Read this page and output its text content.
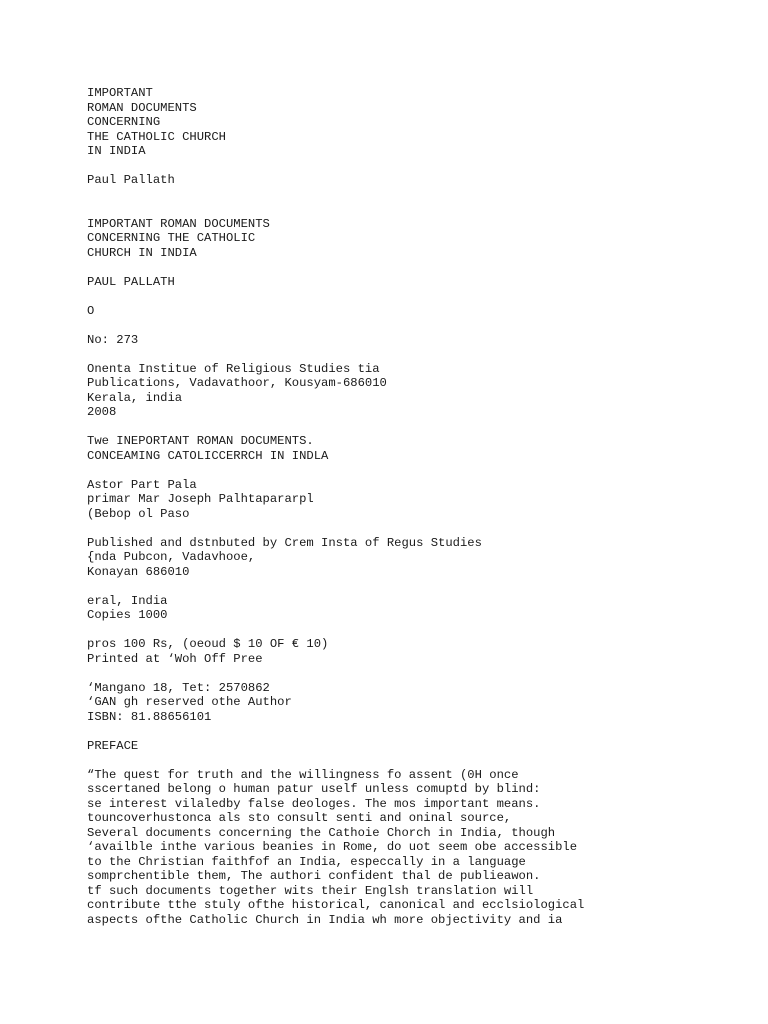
IMPORTANT
ROMAN DOCUMENTS
CONCERNING
THE CATHOLIC CHURCH
IN INDIA
Paul Pallath
IMPORTANT ROMAN DOCUMENTS
CONCERNING THE CATHOLIC
CHURCH IN INDIA
PAUL PALLATH
O
No: 273
Onenta Institue of Religious Studies tia
Publications, Vadavathoor, Kousyam-686010
Kerala, india
2008
Twe INEPORTANT ROMAN DOCUMENTS.
CONCEAMING CATOLICCERRCH IN INDLA
Astor Part Pala
primar Mar Joseph Palhtapararpl
(Bebop ol Paso
Published and dstnbuted by Crem Insta of Regus Studies
{nda Pubcon, Vadavhooe,
Konayan 686010
eral, India
Copies 1000
pros 100 Rs, (oeoud $ 10 OF € 10)
Printed at ‘Woh Off Pree
‘Mangano 18, Tet: 2570862
‘GAN gh reserved othe Author
ISBN: 81.88656101
PREFACE
“The quest for truth and the willingness fo assent (0H once
sscertaned belong o human patur uself unless comuptd by blind:
se interest vilaledby false deologes. The mos important means.
touncoverhustonca als sto consult senti and oninal source,
Several documents concerning the Cathoie Chorch in India, though
‘availble inthe various beanies in Rome, do uot seem obe accessible
to the Christian faithfof an India, especcally in a language
somprchentible them, The authori confident thal de publieawon.
tf such documents together wits their Englsh translation will
contribute tthe stuly ofthe historical, canonical and ecclsiological
aspects ofthe Catholic Church in India wh more objectivity and ia
